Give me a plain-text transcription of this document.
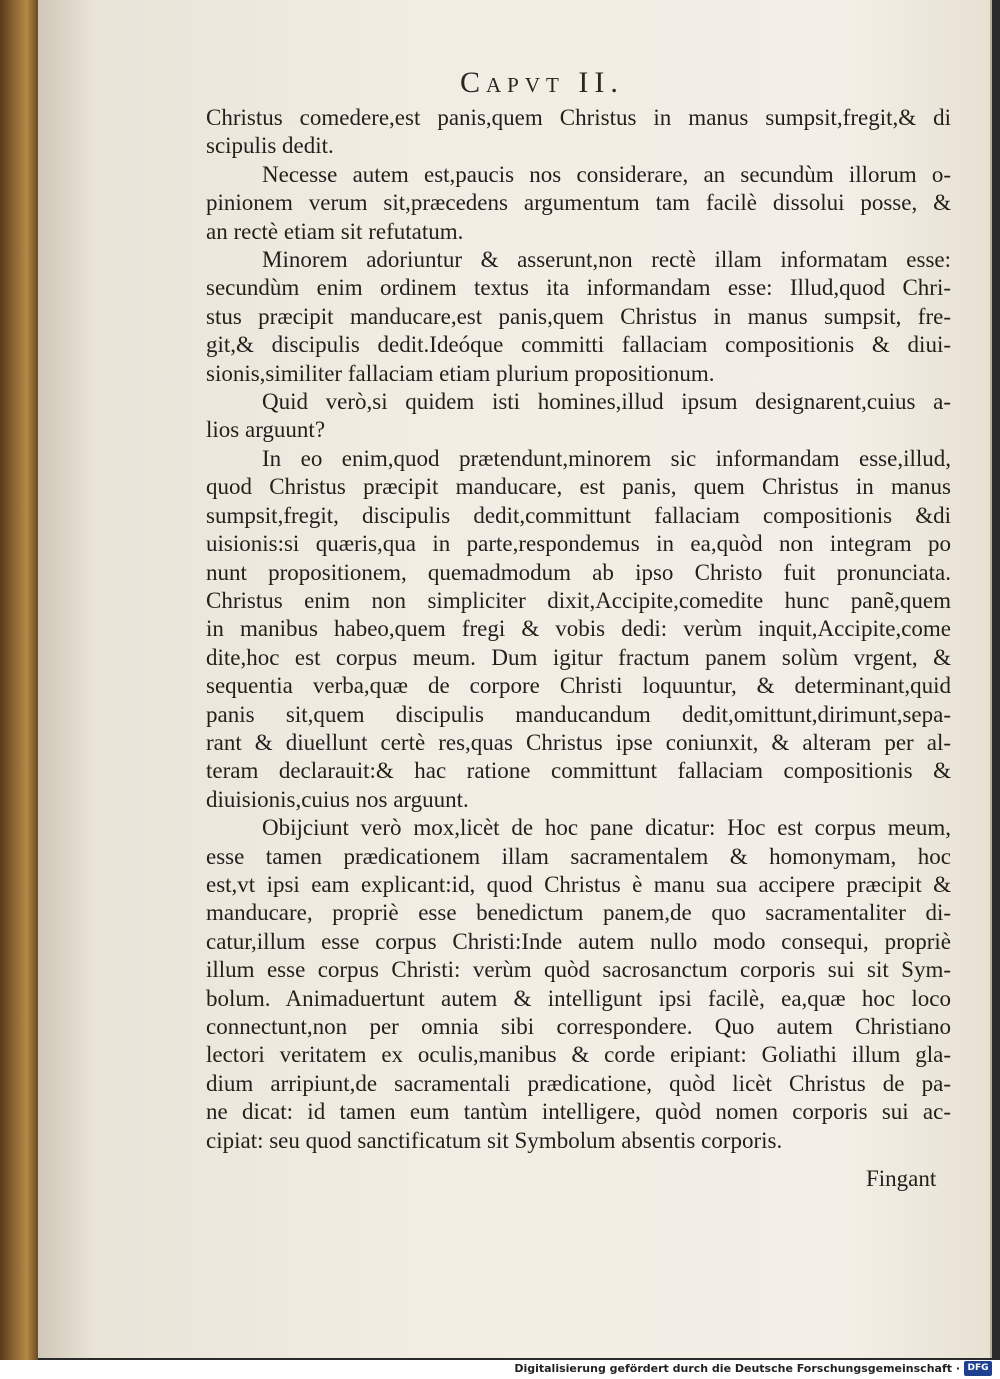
Capvt II.
Christus comedere,est panis,quem Christus in manus sumpsit,fregit,& di
scipulis dedit.
Necesse autem est,paucis nos considerare, an secundùm illorum o-
pinionem verum sit,præcedens argumentum tam facilè dissolui posse, &
an rectè etiam sit refutatum.
Minorem adoriuntur & asserunt,non rectè illam informatam esse:
secundùm enim ordinem textus ita informandam esse: Illud,quod Chri-
stus præcipit manducare,est panis,quem Christus in manus sumpsit, fre-
git,& discipulis dedit.Ideóque committi fallaciam compositionis & diui-
sionis,similiter fallaciam etiam plurium propositionum.
Quid verò,si quidem isti homines,illud ipsum designarent,cuius a-
lios arguunt?
In eo enim,quod prætendunt,minorem sic informandam esse,illud,
quod Christus præcipit manducare, est panis, quem Christus in manus
sumpsit,fregit, discipulis dedit,committunt fallaciam compositionis &di
uisionis:si quæris,qua in parte,respondemus in ea,quòd non integram po
nunt propositionem, quemadmodum ab ipso Christo fuit pronunciata.
Christus enim non simpliciter dixit,Accipite,comedite hunc panẽ,quem
in manibus habeo,quem fregi & vobis dedi: verùm inquit,Accipite,come
dite,hoc est corpus meum. Dum igitur fractum panem solùm vrgent, &
sequentia verba,quæ de corpore Christi loquuntur, & determinant,quid
panis sit,quem discipulis manducandum dedit,omittunt,dirimunt,sepa-
rant & diuellunt certè res,quas Christus ipse coniunxit, & alteram per al-
teram declarauit:& hac ratione committunt fallaciam compositionis &
diuisionis,cuius nos arguunt.
Obijciunt verò mox,licèt de hoc pane dicatur: Hoc est corpus meum,
esse tamen prædicationem illam sacramentalem & homonymam, hoc
est,vt ipsi eam explicant:id, quod Christus è manu sua accipere præcipit &
manducare, propriè esse benedictum panem,de quo sacramentaliter di-
catur,illum esse corpus Christi:Inde autem nullo modo consequi, propriè
illum esse corpus Christi: verùm quòd sacrosanctum corporis sui sit Sym-
bolum. Animaduertunt autem & intelligunt ipsi facilè, ea,quæ hoc loco
connectunt,non per omnia sibi correspondere. Quo autem Christiano
lectori veritatem ex oculis,manibus & corde eripiant: Goliathi illum gla-
dium arripiunt,de sacramentali prædicatione, quòd licèt Christus de pa-
ne dicat: id tamen eum tantùm intelligere, quòd nomen corporis sui ac-
cipiat: seu quod sanctificatum sit Symbolum absentis corporis.
Fingant
Digitalisierung gefördert durch die Deutsche Forschungsgemeinschaft · DFG
